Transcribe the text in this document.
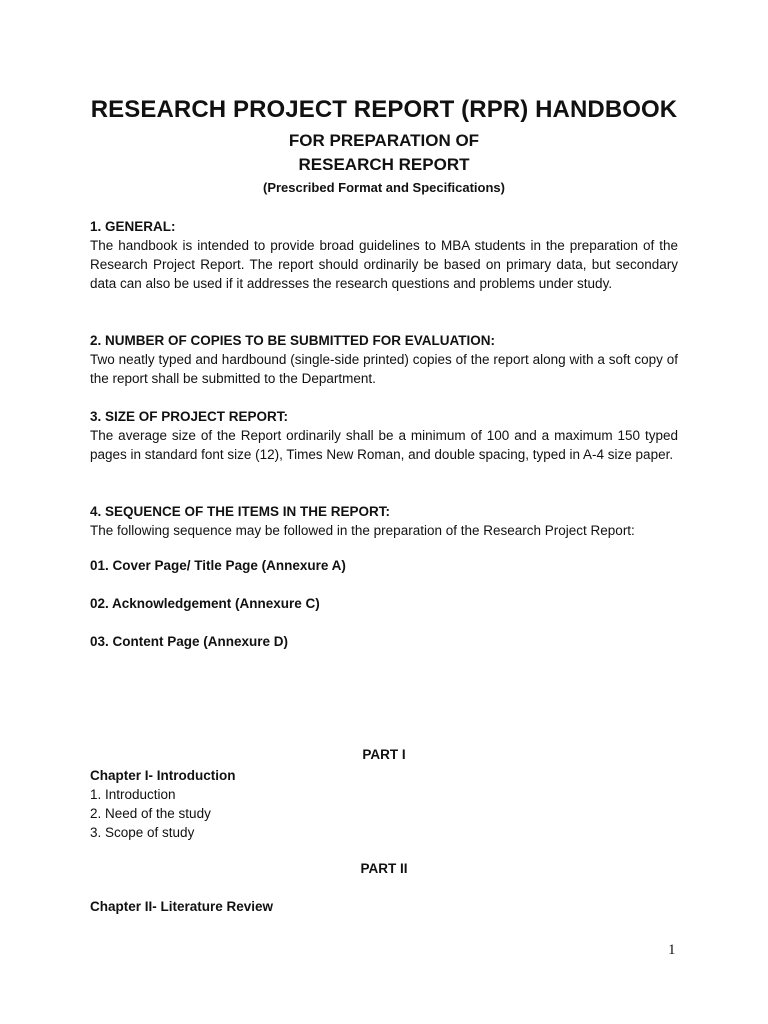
RESEARCH PROJECT REPORT (RPR) HANDBOOK
FOR PREPARATION OF
RESEARCH REPORT
(Prescribed Format and Specifications)
1. GENERAL:
The handbook is intended to provide broad guidelines to MBA students in the preparation of the Research Project Report. The report should ordinarily be based on primary data, but secondary data can also be used if it addresses the research questions and problems under study.
2. NUMBER OF COPIES TO BE SUBMITTED FOR EVALUATION:
Two neatly typed and hardbound (single-side printed) copies of the report along with a soft copy of the report shall be submitted to the Department.
3. SIZE OF PROJECT REPORT:
The average size of the Report ordinarily shall be a minimum of 100 and a maximum 150 typed pages in standard font size (12), Times New Roman, and double spacing, typed in A-4 size paper.
4. SEQUENCE OF THE ITEMS IN THE REPORT:
The following sequence may be followed in the preparation of the Research Project Report:
01. Cover Page/ Title Page (Annexure A)
02. Acknowledgement (Annexure C)
03. Content Page (Annexure D)
PART I
Chapter I- Introduction
1. Introduction
2. Need of the study
3. Scope of study
PART II
Chapter II- Literature Review
1
